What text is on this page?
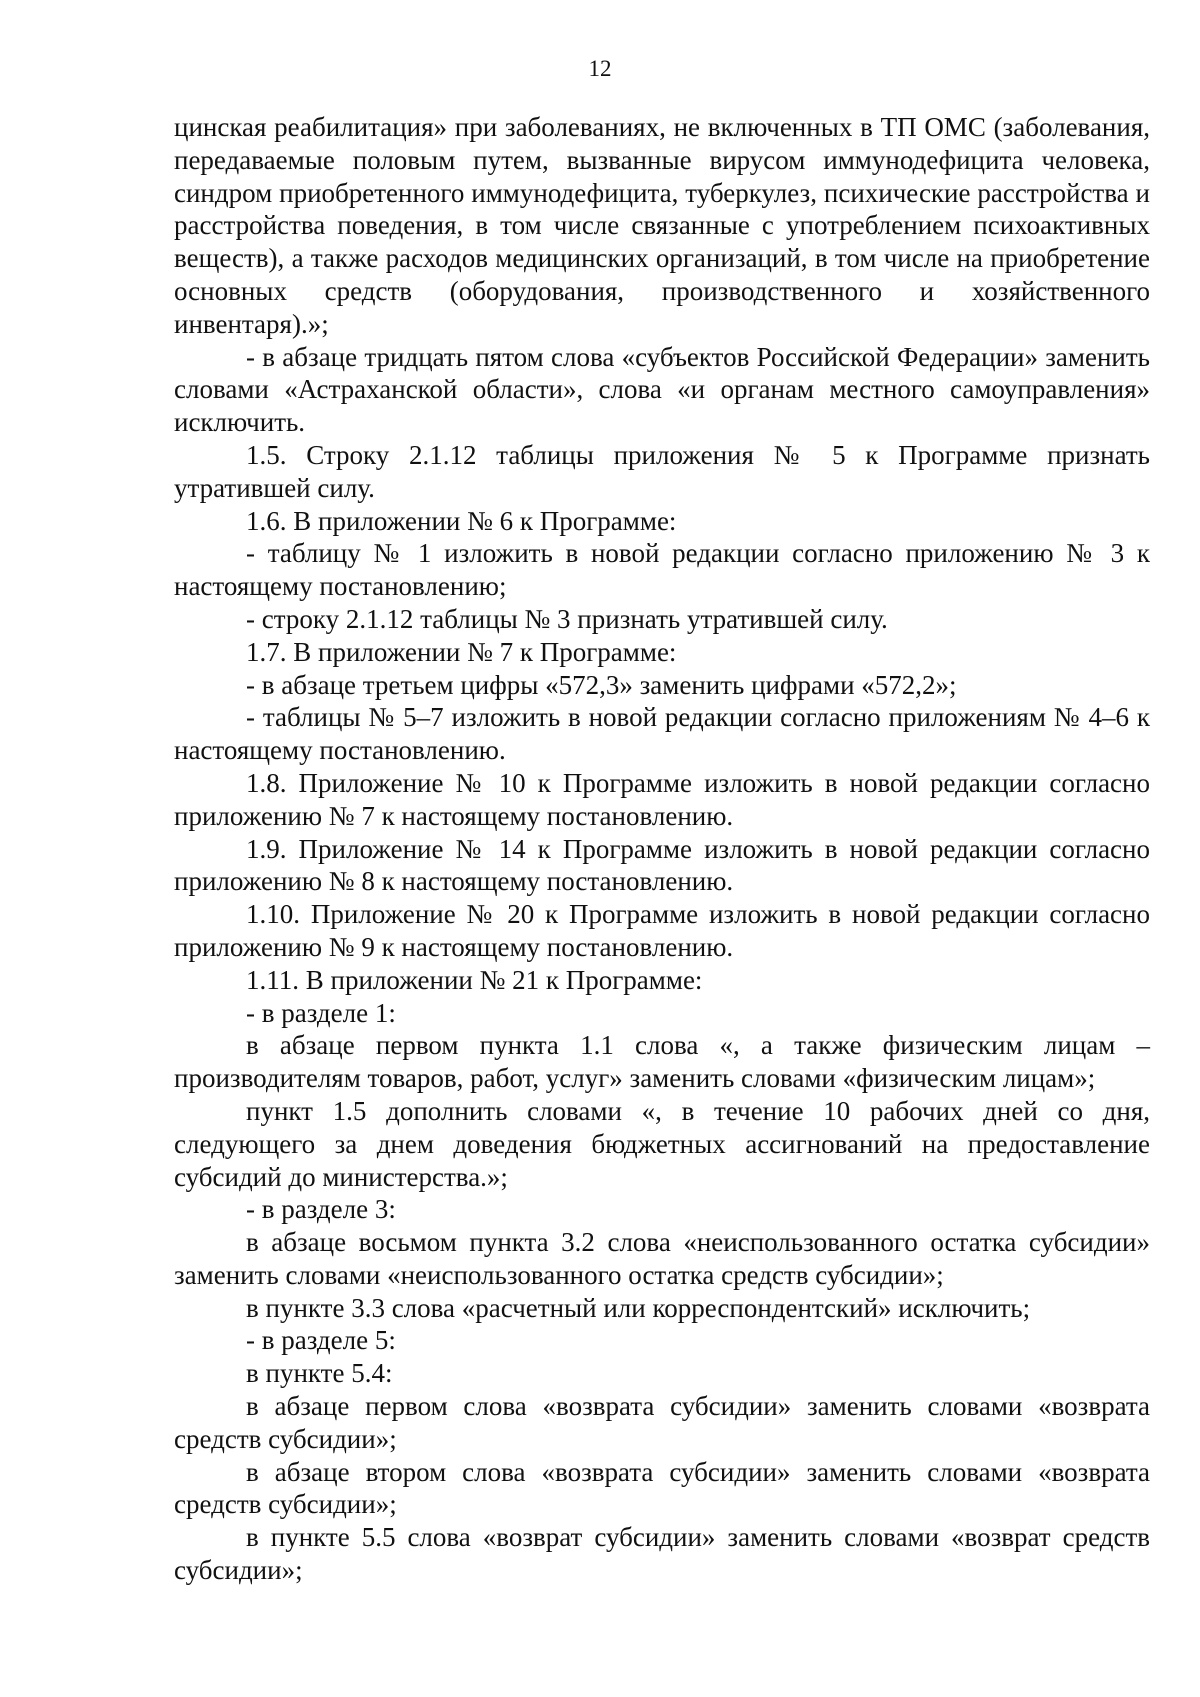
12

цинская реабилитация» при заболеваниях, не включенных в ТП ОМС (заболевания, передаваемые половым путем, вызванные вирусом иммунодефицита человека, синдром приобретенного иммунодефицита, туберкулез, психические расстройства и расстройства поведения, в том числе связанные с употреблением психоактивных веществ), а также расходов медицинских организаций, в том числе на приобретение основных средств (оборудования, производственного и хозяйственного инвентаря).»;

- в абзаце тридцать пятом слова «субъектов Российской Федерации» заменить словами «Астраханской области», слова «и органам местного самоуправления» исключить.

1.5. Строку 2.1.12 таблицы приложения № 5 к Программе признать утратившей силу.

1.6. В приложении № 6 к Программе:

- таблицу № 1 изложить в новой редакции согласно приложению № 3 к настоящему постановлению;

- строку 2.1.12 таблицы № 3 признать утратившей силу.

1.7. В приложении № 7 к Программе:

- в абзаце третьем цифры «572,3» заменить цифрами «572,2»;

- таблицы № 5–7 изложить в новой редакции согласно приложениям № 4–6 к настоящему постановлению.

1.8. Приложение № 10 к Программе изложить в новой редакции согласно приложению № 7 к настоящему постановлению.

1.9. Приложение № 14 к Программе изложить в новой редакции согласно приложению № 8 к настоящему постановлению.

1.10. Приложение № 20 к Программе изложить в новой редакции согласно приложению № 9 к настоящему постановлению.

1.11. В приложении № 21 к Программе:

- в разделе 1:

в абзаце первом пункта 1.1 слова «, а также физическим лицам – производителям товаров, работ, услуг» заменить словами «физическим лицам»;

пункт 1.5 дополнить словами «, в течение 10 рабочих дней со дня, следующего за днем доведения бюджетных ассигнований на предоставление субсидий до министерства.»;

- в разделе 3:

в абзаце восьмом пункта 3.2 слова «неиспользованного остатка субсидии» заменить словами «неиспользованного остатка средств субсидии»;

в пункте 3.3 слова «расчетный или корреспондентский» исключить;

- в разделе 5:

в пункте 5.4:

в абзаце первом слова «возврата субсидии» заменить словами «возврата средств субсидии»;

в абзаце втором слова «возврата субсидии» заменить словами «возврата средств субсидии»;

в пункте 5.5 слова «возврат субсидии» заменить словами «возврат средств субсидии»;
